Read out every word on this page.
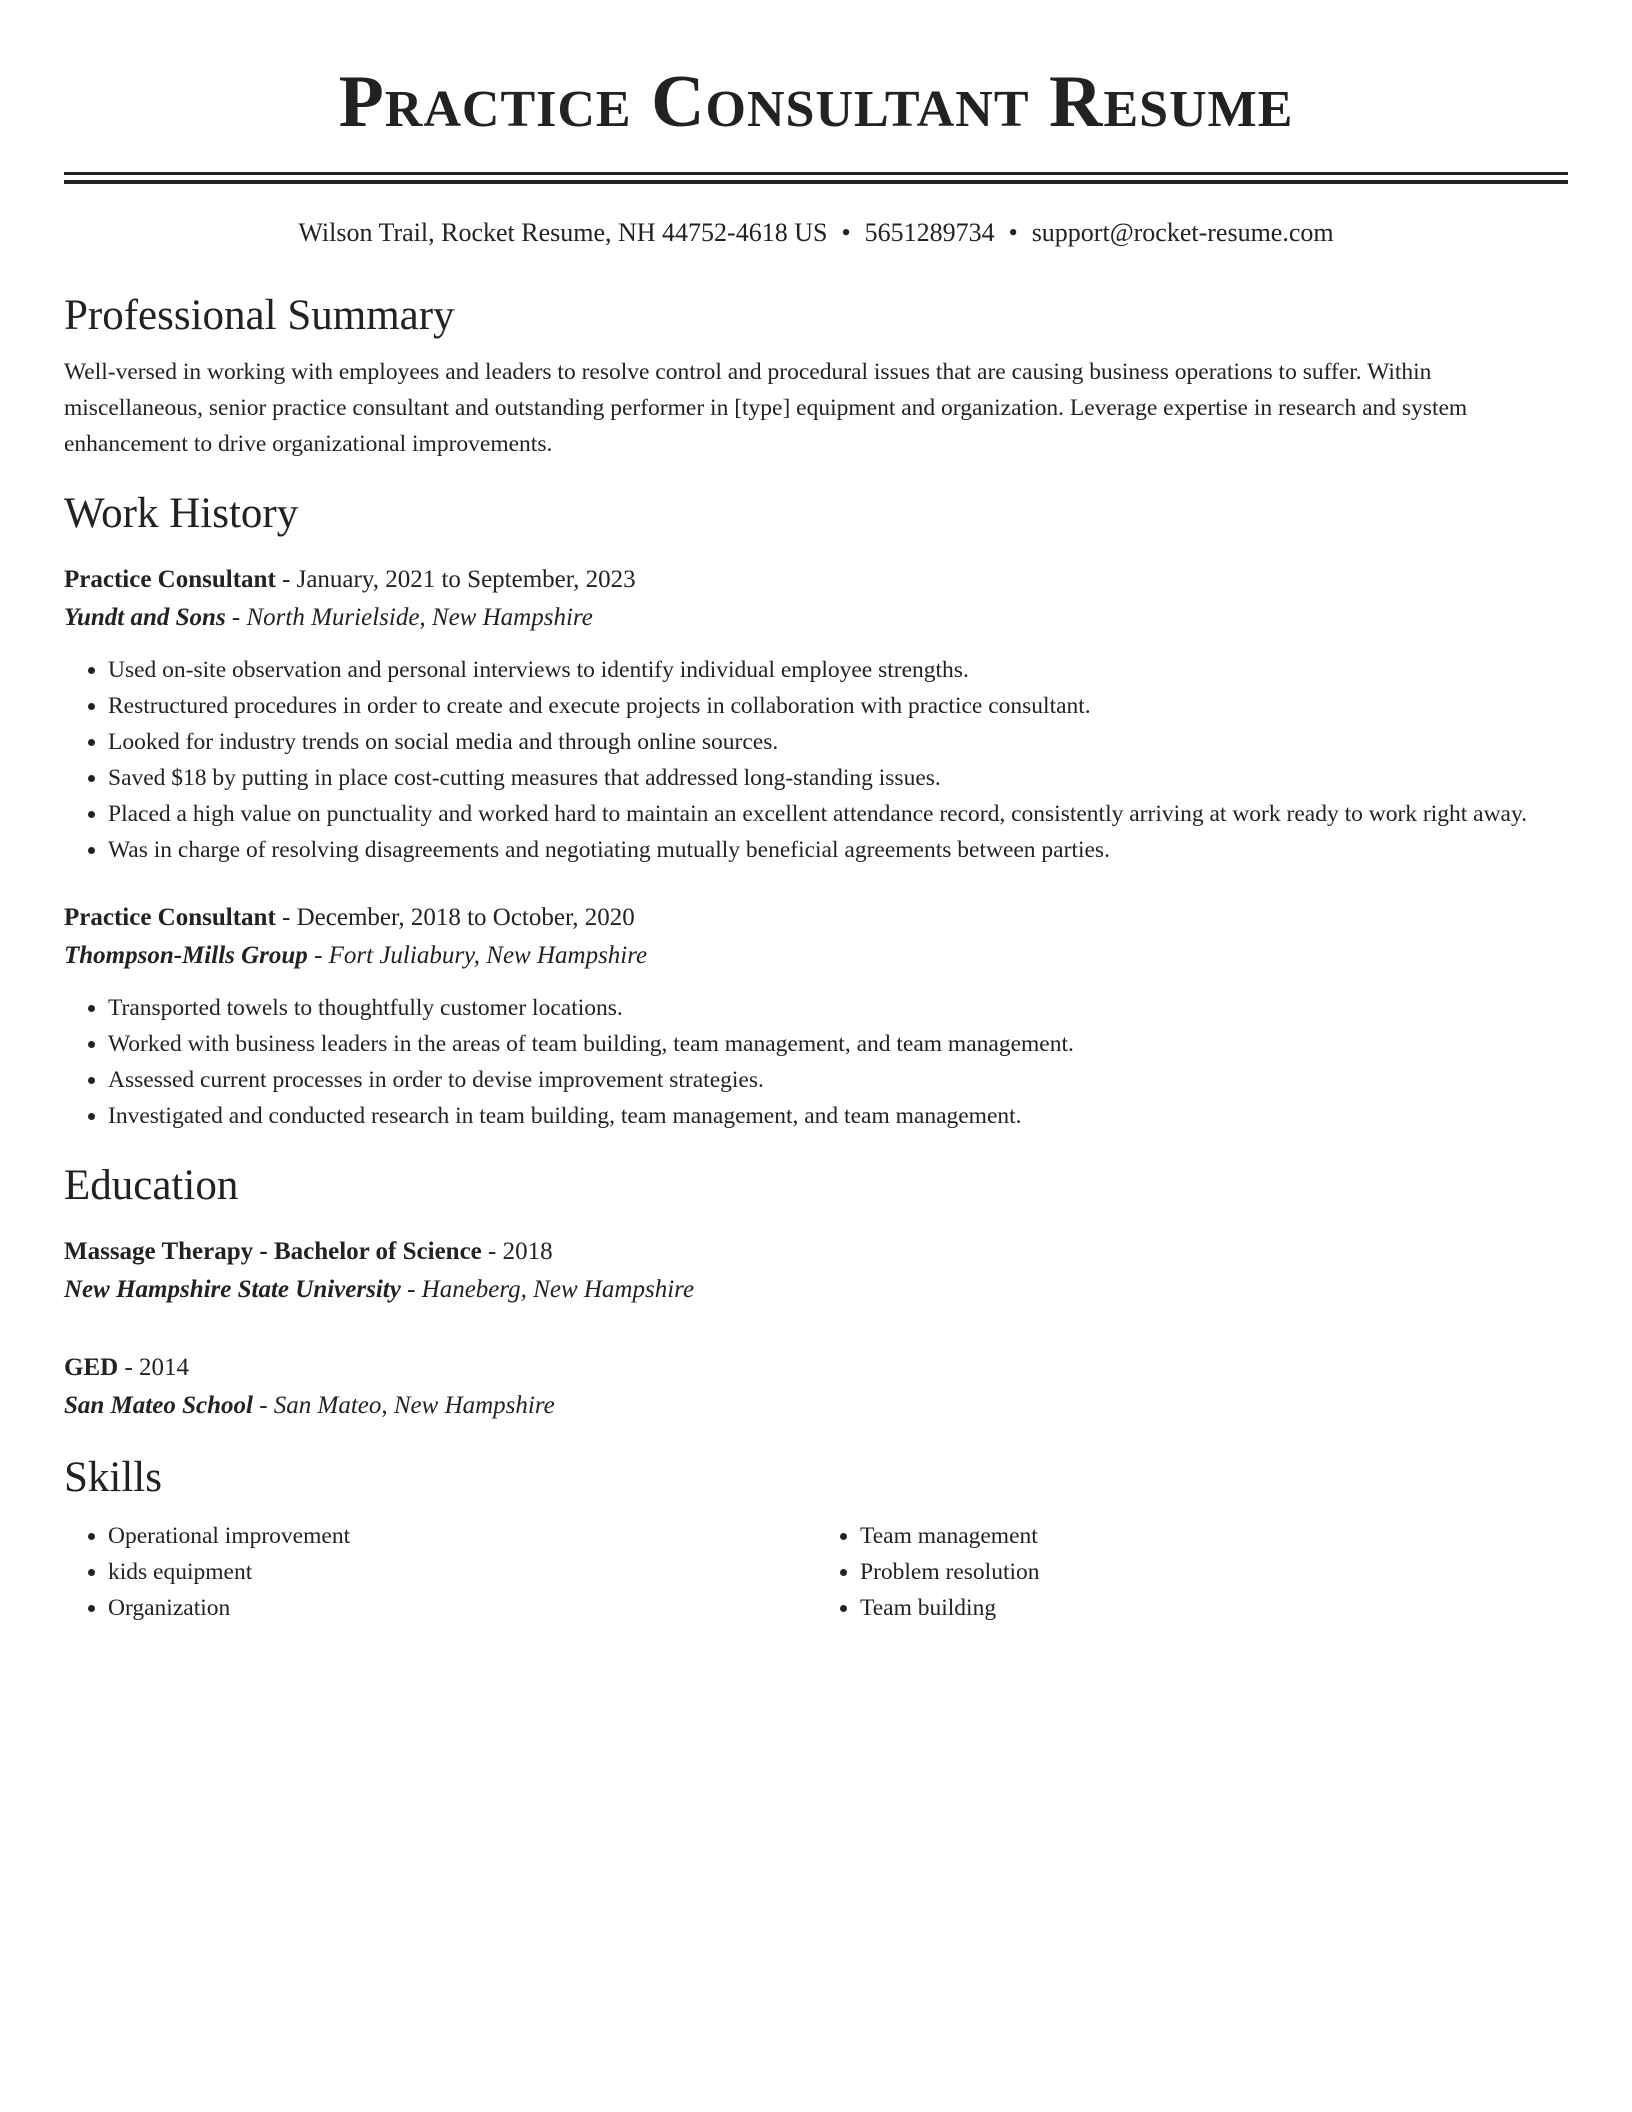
Practice Consultant Resume
Wilson Trail, Rocket Resume, NH 44752-4618 US • 5651289734 • support@rocket-resume.com
Professional Summary
Well-versed in working with employees and leaders to resolve control and procedural issues that are causing business operations to suffer. Within miscellaneous, senior practice consultant and outstanding performer in [type] equipment and organization. Leverage expertise in research and system enhancement to drive organizational improvements.
Work History
Practice Consultant - January, 2021 to September, 2023
Yundt and Sons - North Murielside, New Hampshire
• Used on-site observation and personal interviews to identify individual employee strengths.
• Restructured procedures in order to create and execute projects in collaboration with practice consultant.
• Looked for industry trends on social media and through online sources.
• Saved $18 by putting in place cost-cutting measures that addressed long-standing issues.
• Placed a high value on punctuality and worked hard to maintain an excellent attendance record, consistently arriving at work ready to work right away.
• Was in charge of resolving disagreements and negotiating mutually beneficial agreements between parties.
Practice Consultant - December, 2018 to October, 2020
Thompson-Mills Group - Fort Juliabury, New Hampshire
• Transported towels to thoughtfully customer locations.
• Worked with business leaders in the areas of team building, team management, and team management.
• Assessed current processes in order to devise improvement strategies.
• Investigated and conducted research in team building, team management, and team management.
Education
Massage Therapy - Bachelor of Science - 2018
New Hampshire State University - Haneberg, New Hampshire
GED - 2014
San Mateo School - San Mateo, New Hampshire
Skills
• Operational improvement
• kids equipment
• Organization
• Team management
• Problem resolution
• Team building
